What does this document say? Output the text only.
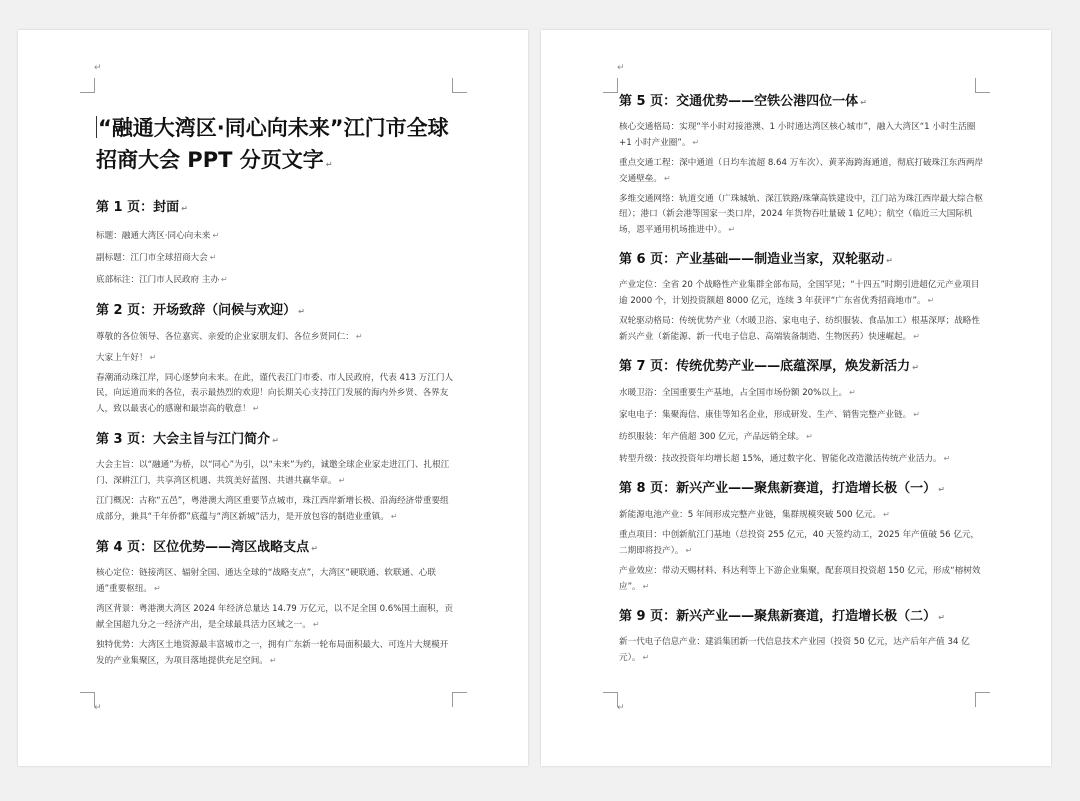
↵
↵
“融通大湾区·同心向未来”江门市全球招商大会 PPT 分页文字 ↵
第 1 页：封面 ↵

标题：融通大湾区·同心向未来 ↵

副标题：江门市全球招商大会 ↵

底部标注：江门市人民政府 主办 ↵

第 2 页：开场致辞（问候与欢迎） ↵

尊敬的各位领导、各位嘉宾、亲爱的企业家朋友们、各位乡贤同仁： ↵

大家上午好！ ↵

春潮涌动珠江岸，同心逐梦向未来。在此，谨代表江门市委、市人民政府，代表 413 万江门人民，向远道而来的各位，表示最热烈的欢迎！向长期关心支持江门发展的海内外乡贤、各界友人，致以最衷心的感谢和最崇高的敬意！ ↵

第 3 页：大会主旨与江门简介 ↵

大会主旨：以“融通”为桥，以“同心”为引，以“未来”为约，诚邀全球企业家走进江门、扎根江门、深耕江门，共享湾区机遇、共筑美好蓝图、共谱共赢华章。 ↵

江门概况：古称“五邑”，粤港澳大湾区重要节点城市，珠江西岸新增长极、沿海经济带重要组成部分，兼具“千年侨都”底蕴与“湾区新城”活力，是开放包容的制造业重镇。 ↵

第 4 页：区位优势——湾区战略支点 ↵

核心定位：链接湾区、辐射全国、通达全球的“战略支点”，大湾区“硬联通、软联通、心联通”重要枢纽。 ↵

湾区背景：粤港澳大湾区 2024 年经济总量达 14.79 万亿元，以不足全国 0.6%国土面积，贡献全国超九分之一经济产出，是全球最具活力区域之一。 ↵

独特优势：大湾区土地资源最丰富城市之一，拥有广东新一轮布局面积最大、可连片大规模开发的产业集聚区，为项目落地提供充足空间。 ↵

↵
↵
第 5 页：交通优势——空铁公港四位一体 ↵

核心交通格局：实现“半小时对接港澳、1 小时通达湾区核心城市”，融入大湾区“1 小时生活圈+1 小时产业圈”。 ↵

重点交通工程：深中通道（日均车流超 8.64 万车次）、黄茅海跨海通道，彻底打破珠江东西两岸交通壁垒。 ↵

多维交通网络：轨道交通（广珠城轨、深江铁路/珠肇高铁建设中，江门站为珠江西岸最大综合枢纽）；港口（新会港等国家一类口岸，2024 年货物吞吐量破 1 亿吨）；航空（临近三大国际机场，恩平通用机场推进中）。 ↵

第 6 页：产业基础——制造业当家，双轮驱动 ↵

产业定位：全省 20 个战略性产业集群全部布局，全国罕见；“十四五”时期引进超亿元产业项目逾 2000 个，计划投资额超 8000 亿元，连续 3 年获评“广东省优秀招商地市”。 ↵

双轮驱动格局：传统优势产业（水暖卫浴、家电电子、纺织服装、食品加工）根基深厚；战略性新兴产业（新能源、新一代电子信息、高端装备制造、生物医药）快速崛起。 ↵

第 7 页：传统优势产业——底蕴深厚，焕发新活力 ↵

水暖卫浴：全国重要生产基地，占全国市场份额 20%以上。 ↵

家电电子：集聚海信、康佳等知名企业，形成研发、生产、销售完整产业链。 ↵

纺织服装：年产值超 300 亿元，产品远销全球。 ↵

转型升级：技改投资年均增长超 15%，通过数字化、智能化改造激活传统产业活力。 ↵

第 8 页：新兴产业——聚焦新赛道，打造增长极（一） ↵

新能源电池产业：5 年间形成完整产业链，集群规模突破 500 亿元。 ↵

重点项目：中创新航江门基地（总投资 255 亿元，40 天签约动工，2025 年产值破 56 亿元，二期即将投产）。 ↵

产业效应：带动天赐材料、科达利等上下游企业集聚，配套项目投资超 150 亿元，形成“榕树效应”。 ↵

第 9 页：新兴产业——聚焦新赛道，打造增长极（二） ↵

新一代电子信息产业：建滔集团新一代信息技术产业园（投资 50 亿元，达产后年产值 34 亿元）。 ↵
